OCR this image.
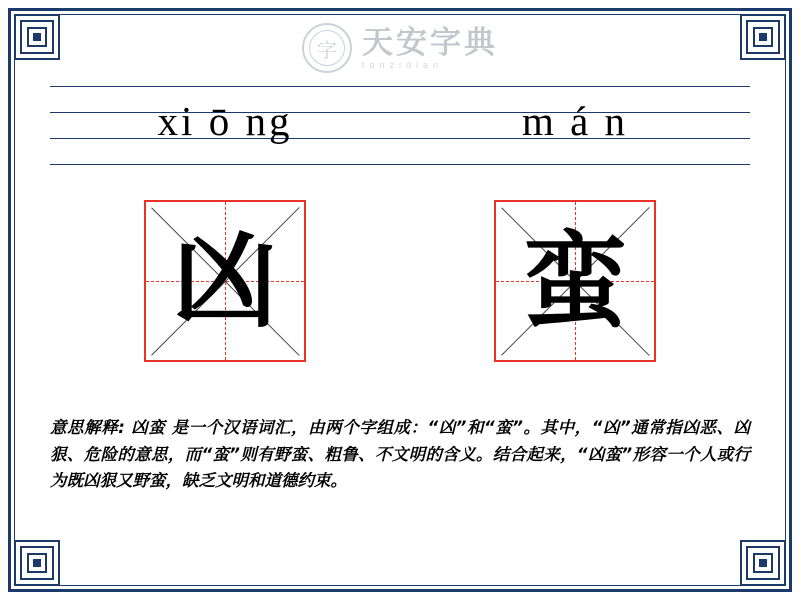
字 天安字典
tonzidian
xi ō ng	m á n
凶 蛮
意思解释: 凶蛮 是一个汉语词汇，由两个字组成：“凶”和“蛮”。其中，“凶”通常指凶恶、凶狠、危险的意思，而“蛮”则有野蛮、粗鲁、不文明的含义。结合起来，“凶蛮”形容一个人或行为既凶狠又野蛮，缺乏文明和道德约束。
